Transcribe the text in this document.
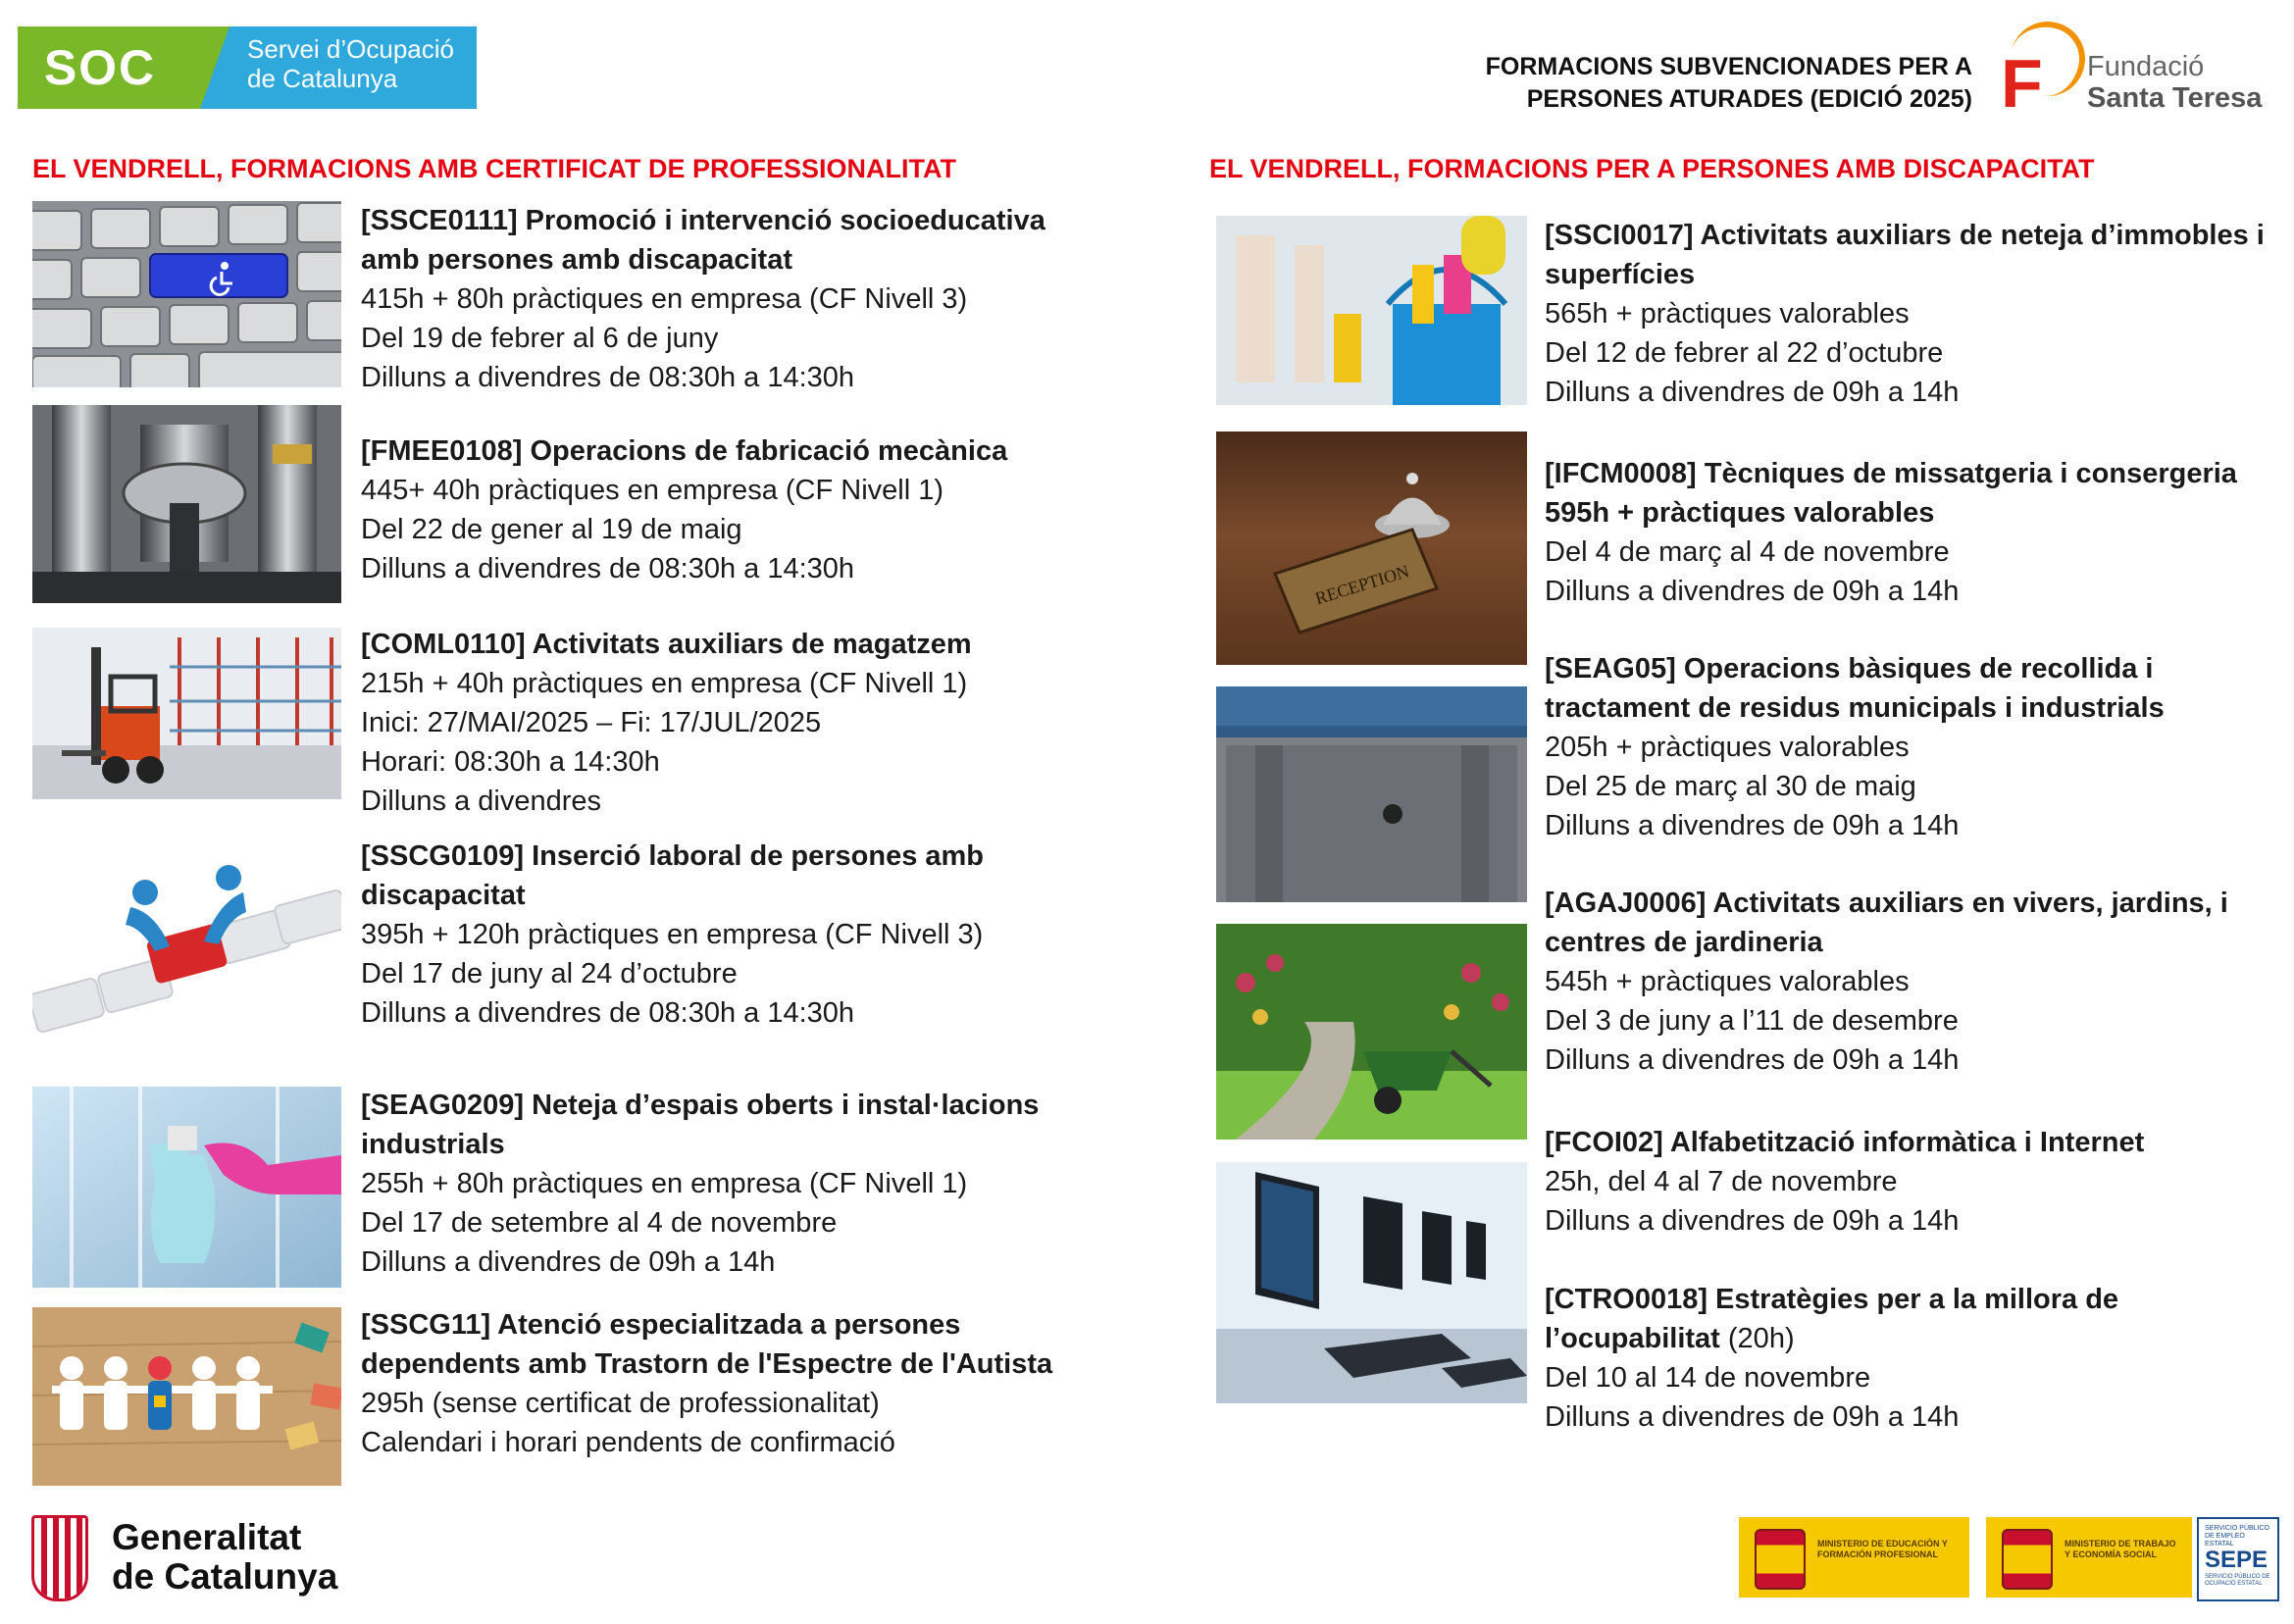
SOC	Servei d’Ocupació
de Catalunya	FORMACIONS SUBVENCIONADES PER A
PERSONES ATURADES (EDICIÓ 2025) F Fundació
Santa Teresa
EL VENDRELL, FORMACIONS AMB CERTIFICAT DE PROFESSIONALITAT	EL VENDRELL, FORMACIONS PER A PERSONES AMB DISCAPACITAT
[SSCE0111] Promoció i intervenció socioeducativa amb persones amb discapacitat
415h + 80h pràctiques en empresa (CF Nivell 3)
Del 19 de febrer al 6 de juny
Dilluns a divendres de 08:30h a 14:30h
[FMEE0108] Operacions de fabricació mecànica
445+ 40h pràctiques en empresa (CF Nivell 1)
Del 22 de gener al 19 de maig
Dilluns a divendres de 08:30h a 14:30h
[COML0110] Activitats auxiliars de magatzem
215h + 40h pràctiques en empresa (CF Nivell 1)
Inici: 27/MAI/2025 – Fi: 17/JUL/2025
Horari: 08:30h a 14:30h
Dilluns a divendres
[SSCG0109] Inserció laboral de persones amb discapacitat
395h + 120h pràctiques en empresa (CF Nivell 3)
Del 17 de juny al 24 d’octubre
Dilluns a divendres de 08:30h a 14:30h
[SEAG0209] Neteja d’espais oberts i instal·lacions industrials
255h + 80h pràctiques en empresa (CF Nivell 1)
Del 17 de setembre al 4 de novembre
Dilluns a divendres de 09h a 14h
[SSCG11] Atenció especialitzada a persones dependents amb Trastorn de l'Espectre de l'Autista
295h (sense certificat de professionalitat)
Calendari i horari pendents de confirmació
[SSCI0017] Activitats auxiliars de neteja d’immobles i superfícies
565h + pràctiques valorables
Del 12 de febrer al 22 d’octubre
Dilluns a divendres de 09h a 14h
RECEPTION
[IFCM0008] Tècniques de missatgeria i consergeria
595h + pràctiques valorables
Del 4 de març al 4 de novembre
Dilluns a divendres de 09h a 14h
[SEAG05] Operacions bàsiques de recollida i tractament de residus municipals i industrials
205h + pràctiques valorables
Del 25 de març al 30 de maig
Dilluns a divendres de 09h a 14h
[AGAJ0006] Activitats auxiliars en vivers, jardins, i centres de jardineria
545h + pràctiques valorables
Del 3 de juny a l’11 de desembre
Dilluns a divendres de 09h a 14h
[FCOI02] Alfabetització informàtica i Internet
25h, del 4 al 7 de novembre
Dilluns a divendres de 09h a 14h
[CTRO0018] Estratègies per a la millora de l’ocupabilitat (20h)
Del 10 al 14 de novembre
Dilluns a divendres de 09h a 14h
Generalitat
de Catalunya
MINISTERIO DE EDUCACIÓN Y FORMACIÓN PROFESIONAL
MINISTERIO DE TRABAJO Y ECONOMÍA SOCIAL
SERVICIO PÚBLICO DE EMPLEO ESTATAL
SEPE
SERVICIO PÚBLICO DE OCUPACIÓ ESTATAL
